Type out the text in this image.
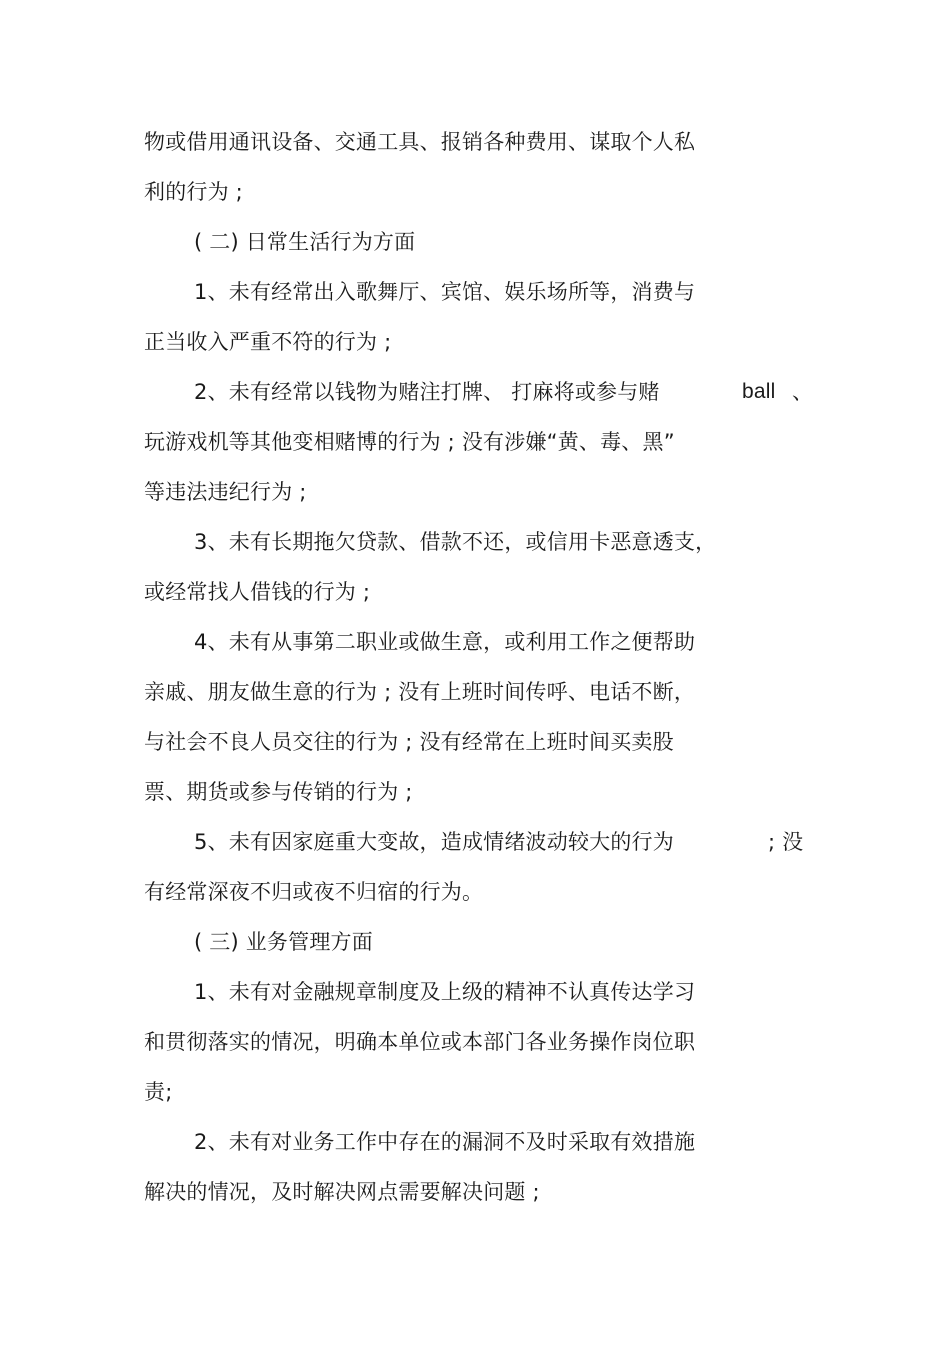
物或借用通讯设备、交通工具、报销各种费用、谋取个人私
利的行为 ;
( 二) 日常生活行为方面
1、未有经常出入歌舞厅、宾馆、娱乐场所等，消费与
正当收入严重不符的行为 ;
2、未有经常以钱物为赌注打牌、 打麻将或参与赌	ball 、
玩游戏机等其他变相赌博的行为 ; 没有涉嫌“黄、毒、黑”
等违法违纪行为 ;
3、未有长期拖欠贷款、借款不还，或信用卡恶意透支，
或经常找人借钱的行为 ;
4、未有从事第二职业或做生意，或利用工作之便帮助
亲戚、朋友做生意的行为 ; 没有上班时间传呼、电话不断，
与社会不良人员交往的行为 ; 没有经常在上班时间买卖股
票、期货或参与传销的行为 ;
5、未有因家庭重大变故，造成情绪波动较大的行为	; 没
有经常深夜不归或夜不归宿的行为。
( 三) 业务管理方面
1、未有对金融规章制度及上级的精神不认真传达学习
和贯彻落实的情况，明确本单位或本部门各业务操作岗位职
责;
2、未有对业务工作中存在的漏洞不及时采取有效措施
解决的情况，及时解决网点需要解决问题 ;
